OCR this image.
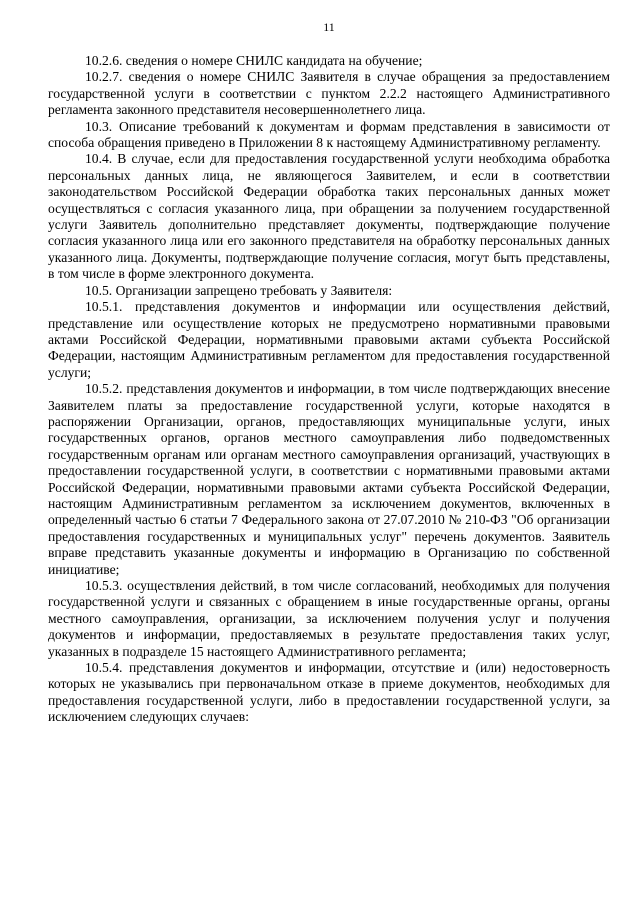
11

10.2.6. сведения о номере СНИЛС кандидата на обучение;

10.2.7. сведения о номере СНИЛС Заявителя в случае обращения за предоставлением государственной услуги в соответствии с пунктом 2.2.2 настоящего Административного регламента законного представителя несовершеннолетнего лица.

10.3. Описание требований к документам и формам представления в зависимости от способа обращения приведено в Приложении 8 к настоящему Административному регламенту.

10.4. В случае, если для предоставления государственной услуги необходима обработка персональных данных лица, не являющегося Заявителем, и если в соответствии законодательством Российской Федерации обработка таких персональных данных может осуществляться с согласия указанного лица, при обращении за получением государственной услуги Заявитель дополнительно представляет документы, подтверждающие получение согласия указанного лица или его законного представителя на обработку персональных данных указанного лица. Документы, подтверждающие получение согласия, могут быть представлены, в том числе в форме электронного документа.

10.5. Организации запрещено требовать у Заявителя:

10.5.1. представления документов и информации или осуществления действий, представление или осуществление которых не предусмотрено нормативными правовыми актами Российской Федерации, нормативными правовыми актами субъекта Российской Федерации, настоящим Административным регламентом для предоставления государственной услуги;

10.5.2. представления документов и информации, в том числе подтверждающих внесение Заявителем платы за предоставление государственной услуги, которые находятся в распоряжении Организации, органов, предоставляющих муниципальные услуги, иных государственных органов, органов местного самоуправления либо подведомственных государственным органам или органам местного самоуправления организаций, участвующих в предоставлении государственной услуги, в соответствии с нормативными правовыми актами Российской Федерации, нормативными правовыми актами субъекта Российской Федерации, настоящим Административным регламентом за исключением документов, включенных в определенный частью 6 статьи 7 Федерального закона от 27.07.2010 № 210-ФЗ "Об организации предоставления государственных и муниципальных услуг" перечень документов. Заявитель вправе представить указанные документы и информацию в Организацию по собственной инициативе;

10.5.3. осуществления действий, в том числе согласований, необходимых для получения государственной услуги и связанных с обращением в иные государственные органы, органы местного самоуправления, организации, за исключением получения услуг и получения документов и информации, предоставляемых в результате предоставления таких услуг, указанных в подразделе 15 настоящего Административного регламента;

10.5.4. представления документов и информации, отсутствие и (или) недостоверность которых не указывались при первоначальном отказе в приеме документов, необходимых для предоставления государственной услуги, либо в предоставлении государственной услуги, за исключением следующих случаев:
